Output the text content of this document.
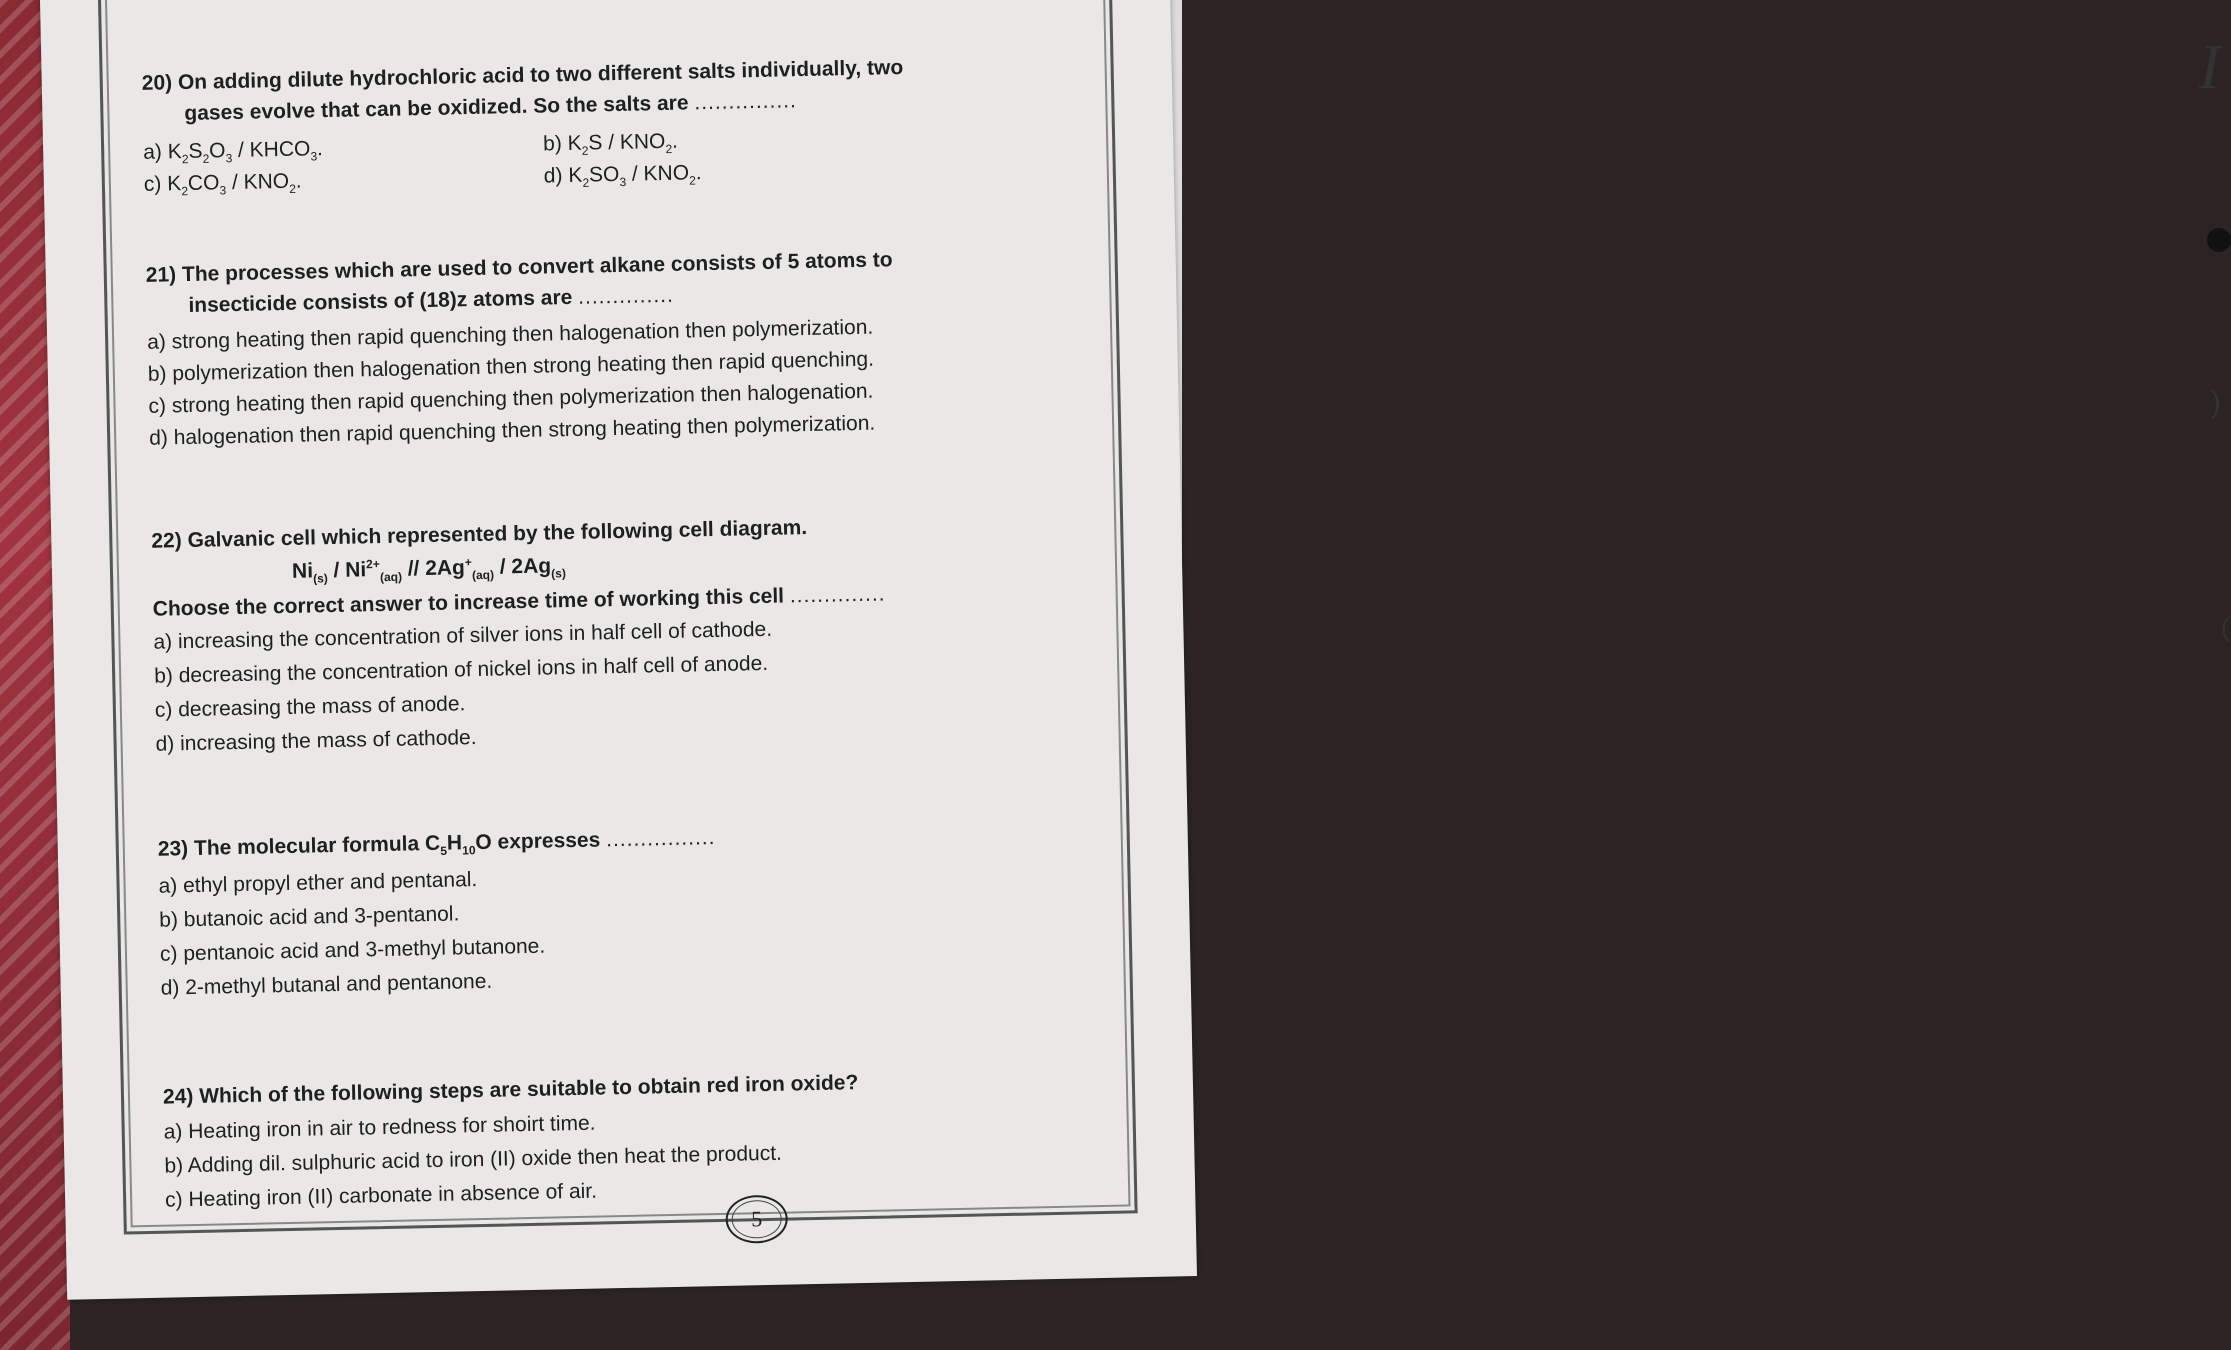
I
)
(
20) On adding dilute hydrochloric acid to two different salts individually, two
gases evolve that can be oxidized. So the salts are ...............
a) $K_2S_2O_3$ / $KHCO_3$.	b) $K_2S / KNO_2$.
c) $K_2CO_3 / KNO_2$.	d) $K_2SO_3 / KNO_2$.
21) The processes which are used to convert alkane consists of 5 atoms to
insecticide consists of (18)z atoms are ..............
a) strong heating then rapid quenching then halogenation then polymerization.
b) polymerization then halogenation then strong heating then rapid quenching.
c) strong heating then rapid quenching then polymerization then halogenation.
d) halogenation then rapid quenching then strong heating then polymerization.
22) Galvanic cell which represented by the following cell diagram.
$Ni_{(s)} / Ni^{2+}_{(aq)} // 2Ag^+_{(aq)} / 2Ag_{(s)}$
Choose the correct answer to increase time of working this cell ..............
a) increasing the concentration of silver ions in half cell of cathode.
b) decreasing the concentration of nickel ions in half cell of anode.
c) decreasing the mass of anode.
d) increasing the mass of cathode.
23) The molecular formula $C_5H_{10}O$ expresses ................
a) ethyl propyl ether and pentanal.
b) butanoic acid and 3-pentanol.
c) pentanoic acid and 3-methyl butanone.
d) 2-methyl butanal and pentanone.
24) Which of the following steps are suitable to obtain red iron oxide?
a) Heating iron in air to redness for shoirt time.
b) Adding dil. sulphuric acid to iron (II) oxide then heat the product.
c) Heating iron (II) carbonate in absence of air.
5
